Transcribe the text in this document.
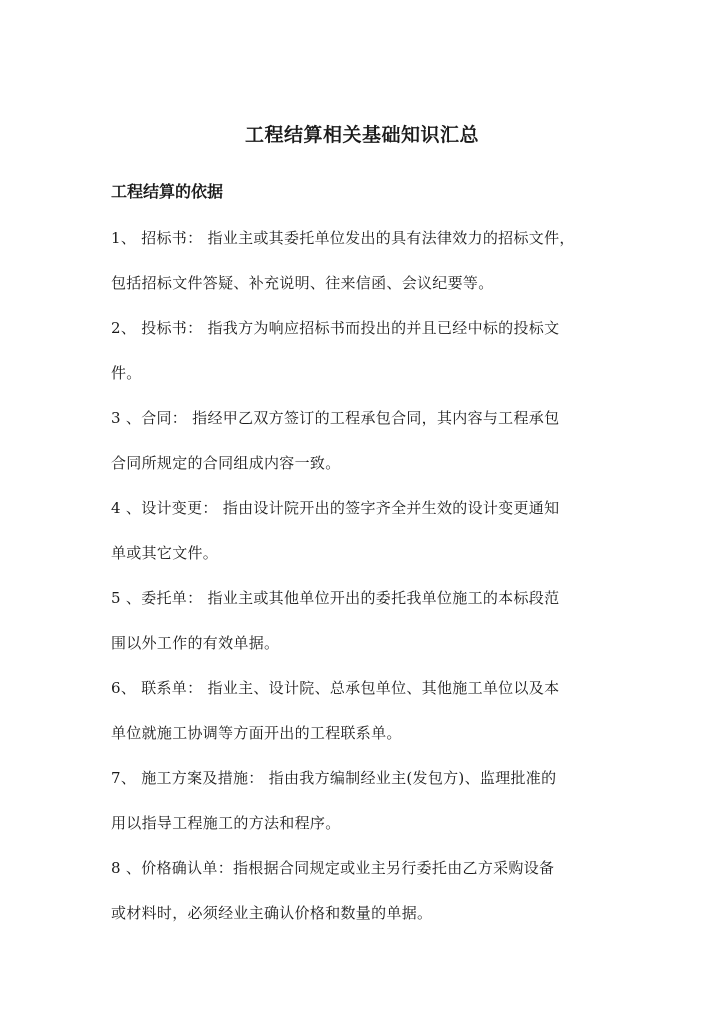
工程结算相关基础知识汇总
工程结算的依据
1、 招标书： 指业主或其委托单位发出的具有法律效力的招标文件，
包括招标文件答疑、补充说明、往来信函、会议纪要等。
2、 投标书： 指我方为响应招标书而投出的并且已经中标的投标文
件。
3 、合同： 指经甲乙双方签订的工程承包合同，其内容与工程承包
合同所规定的合同组成内容一致。
4 、设计变更： 指由设计院开出的签字齐全并生效的设计变更通知
单或其它文件。
5 、委托单： 指业主或其他单位开出的委托我单位施工的本标段范
围以外工作的有效单据。
6、 联系单： 指业主、设计院、总承包单位、其他施工单位以及本
单位就施工协调等方面开出的工程联系单。
7、 施工方案及措施： 指由我方编制经业主(发包方)、监理批准的
用以指导工程施工的方法和程序。
8 、价格确认单：指根据合同规定或业主另行委托由乙方采购设备
或材料时，必须经业主确认价格和数量的单据。
